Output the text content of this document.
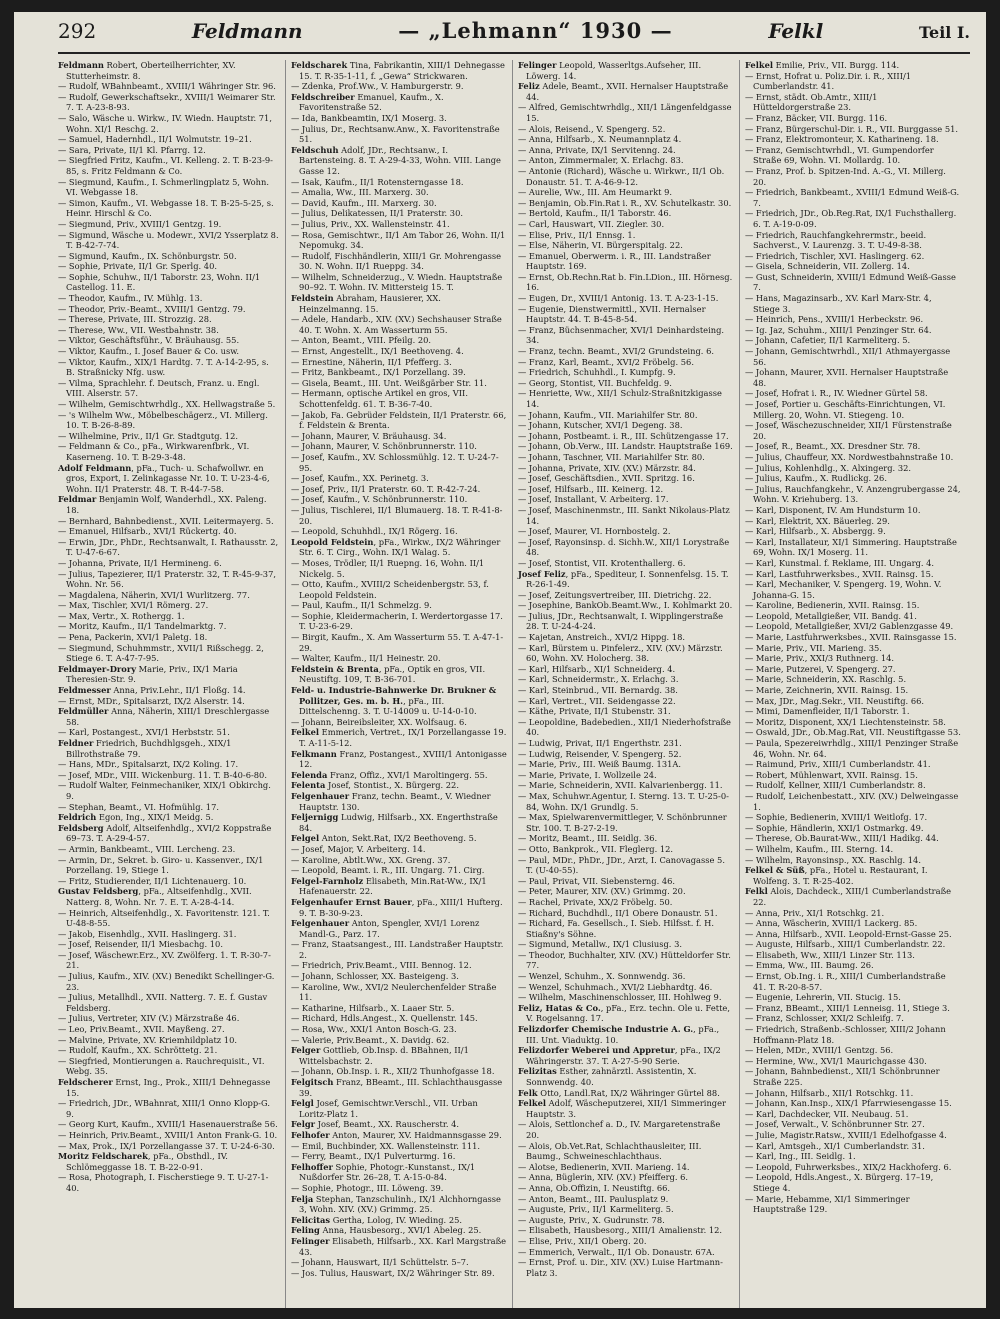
292	Feldmann	— „Lehmann“ 1930 —	Felkl	Teil I.

Feldmann Robert, Oberteilherrichter, XV. Stutterheimstr. 8.

— Rudolf, WBahnbeamt., XVIII/1 Währinger Str. 96.

— Rudolf, Gewerkschaftsekr., XVIII/1 Weimarer Str. 7. T. A-23-8-93.

— Salo, Wäsche u. Wirkw., IV. Wiedn. Hauptstr. 71, Wohn. XI/1 Reschg. 2.

— Samuel, Hadernhdl., II/1 Wolmutstr. 19–21.

— Sara, Private, II/1 Kl. Pfarrg. 12.

— Siegfried Fritz, Kaufm., VI. Kelleng. 2. T. B-23-9-85, s. Fritz Feldmann & Co.

— Siegmund, Kaufm., I. Schmerlingplatz 5, Wohn. VI. Webgasse 18.

— Simon, Kaufm., VI. Webgasse 18. T. B-25-5-25, s. Heinr. Hirschl & Co.

— Siegmund, Priv., XVIII/1 Gentzg. 19.

— Sigmund, Wäsche u. Modewr., XVI/2 Ysserplatz 8. T. B-42-7-74.

— Sigmund, Kaufm., IX. Schönburgstr. 50.

— Sophie, Private, II/1 Gr. Sperlg. 40.

— Sophie, Schuhw., II/1 Taborstr. 23, Wohn. II/1 Castellog. 11. E.

— Theodor, Kaufm., IV. Mühlg. 13.

— Theodor, Priv.-Beamt., XVIII/1 Gentzg. 79.

— Therese, Private, III. Strozzig. 28.

— Therese, Ww., VII. Westbahnstr. 38.

— Viktor, Geschäftsführ., V. Bräuhausg. 55.

— Viktor, Kaufm., I. Josef Bauer & Co. usw.

— Viktor, Kaufm., XIX/1 Hardtg. 7. T. A-14-2-95, s. B. Straßnicky Nfg. usw.

— Vilma, Sprachlehr. f. Deutsch, Franz. u. Engl. VIII. Alserstr. 57.

— Wilhelm, Gemischtwrhdlg., XX. Hellwagstraße 5.

— 's Wilhelm Ww., Möbelbeschägerz., VI. Millerg. 10. T. B-26-8-89.

— Wilhelmine, Priv., II/1 Gr. Stadtgutg. 12.

— Feldmann & Co., pFa., Wirkwarenfbrk., VI. Kaserneng. 10. T. B-29-3-48.

Adolf Feldmann, pFa., Tuch- u. Schafwollwr. en gros, Export, I. Zelinkagasse Nr. 10. T. U-23-4-6, Wohn. II/1 Praterstr. 48. T. R-44-7-58.

Feldmar Benjamin Wolf, Wanderhdl., XX. Paleng. 18.

— Bernhard, Bahnbedienst., XVII. Leitermayerg. 5.

— Emanuel, Hilfsarb., XVI/1 Rückertg. 40.

— Erwin, JDr., PhDr., Rechtsanwalt, I. Rathausstr. 2, T. U-47-6-67.

— Johanna, Private, II/1 Hermineng. 6.

— Julius, Tapezierer, II/1 Praterstr. 32, T. R-45-9-37, Wohn. Nr. 56.

— Magdalena, Näherin, XVI/1 Wurlitzerg. 77.

— Max, Tischler, XVI/1 Römerg. 27.

— Max, Vertr., X. Rothergg. 1.

— Moritz, Kaufm., II/1 Tandelmarktg. 7.

— Pena, Packerin, XVI/1 Paletg. 18.

— Siegmund, Schuhmmstr., XVII/1 Rißschegg. 2, Stiege 6. T. A-47-7-95.

Feldmayer-Drory Marie, Priv., IX/1 Maria Theresien-Str. 9.

Feldmesser Anna, Priv.Lehr., II/1 Floßg. 14.

— Ernst, MDr., Spitalsarzt, IX/2 Alserstr. 14.

Feldmüller Anna, Näherin, XIII/1 Dreschlergasse 58.

— Karl, Postangest., XVI/1 Herbststr. 51.

Feldner Friedrich, Buchdhlgsgeh., XIX/1 Billrothstraße 79.

— Hans, MDr., Spitalsarzt, IX/2 Koling. 17.

— Josef, MDr., VIII. Wickenburg. 11. T. B-40-6-80.

— Rudolf Walter, Feinmechaniker, XIX/1 Obkirchg. 9.

— Stephan, Beamt., VI. Hofmühlg. 17.

Feldrich Egon, Ing., XIX/1 Meidg. 5.

Feldsberg Adolf, Altseifenhdlg., XVI/2 Koppstraße 69–73. T. A-29-4-57.

— Armin, Bankbeamt., VIII. Lercheng. 23.

— Armin, Dr., Sekret. b. Giro- u. Kassenver., IX/1 Porzellang. 19, Stiege 1.

— Fritz, Studierender, II/1 Lichtenauerg. 10.

Gustav Feldsberg, pFa., Altseifenhdlg., XVII. Natterg. 8, Wohn. Nr. 7. E. T. A-28-4-14.

— Heinrich, Altseifenhdlg., X. Favoritenstr. 121. T. U-48-8-55.

— Jakob, Eisenhdlg., XVII. Haslingerg. 31.

— Josef, Reisender, II/1 Miesbachg. 10.

— Josef, Wäschewr.Erz., XV. Zwölferg. 1. T. R-30-7-21.

— Julius, Kaufm., XIV. (XV.) Benedikt Schellinger-G. 23.

— Julius, Metallhdl., XVII. Natterg. 7. E. f. Gustav Feldsberg.

— Julius, Vertreter, XIV (V.) Märzstraße 46.

— Leo, Priv.Beamt., XVII. Mayßeng. 27.

— Malvine, Private, XV. Kriemhildplatz 10.

— Rudolf, Kaufm., XX. Schröttetg. 21.

— Siegfried, Montierungen a. Rauchrequisit., VI. Webg. 35.

Feldscherer Ernst, Ing., Prok., XIII/1 Dehnegasse 15.

— Friedrich, JDr., WBahnrat, XIII/1 Onno Klopp-G. 9.

— Georg Kurt, Kaufm., XVIII/1 Hasenauerstraße 56.

— Heinrich, Priv.Beamt., XVIII/1 Anton Frank-G. 10.

— Max, Prok., IX/1 Porzellangasse 37. T. U-24-6-30.

Moritz Feldscharek, pFa., Obsthdl., IV. Schlömeggasse 18. T. B-22-0-91.

— Rosa, Photograph, I. Fischerstiege 9. T. U-27-1-40.

Feldscharek Tina, Fabrikantin, XIII/1 Dehnegasse 15. T. R-35-1-11, f. „Gewa“ Strickwaren.

— Zdenka, Prof.Ww., V. Hamburgerstr. 9.

Feldschreiber Emanuel, Kaufm., X. Favoritenstraße 52.

— Ida, Bankbeamtin, IX/1 Moserg. 3.

— Julius, Dr., Rechtsanw.Anw., X. Favoritenstraße 51.

Feldschuh Adolf, JDr., Rechtsanw., I. Bartensteing. 8. T. A-29-4-33, Wohn. VIII. Lange Gasse 12.

— Isak, Kaufm., II/1 Rotensterngasse 18.

— Amalia, Ww., III. Marxerg. 30.

— David, Kaufm., III. Marxerg. 30.

— Julius, Delikatessen, II/1 Praterstr. 30.

— Julius, Priv., XX. Wallensteinstr. 41.

— Rosa, Gemischtwr., II/1 Am Tabor 26, Wohn. II/1 Nepomukg. 34.

— Rudolf, Fischhändlerin, XIII/1 Gr. Mohrengasse 30. N. Wohn. II/1 Rueppg. 34.

— Wilhelm, Schneiderzug., V. Wiedn. Hauptstraße 90–92. T. Wohn. IV. Mittersteig 15. T.

Feldstein Abraham, Hausierer, XX. Heinzelmanng. 15.

— Adele, Handarb., XIV. (XV.) Sechshauser Straße 40. T. Wohn. X. Am Wasserturm 55.

— Anton, Beamt., VIII. Pfeilg. 20.

— Ernst, Angestellt., IX/1 Beethoveng. 4.

— Ernestine, Näherin, II/1 Pfefferg. 3.

— Fritz, Bankbeamt., IX/1 Porzellang. 39.

— Gisela, Beamt., III. Unt. Weißgärber Str. 11.

— Hermann, optische Artikel en gros, VII. Schottenfeldg. 61. T. B-36-7-40.

— Jakob, Fa. Gebrüder Feldstein, II/1 Praterstr. 66, f. Feldstein & Brenta.

— Johann, Maurer, V. Bräuhausg. 34.

— Johann, Maurer, V. Schönbrunnerstr. 110.

— Josef, Kaufm., XV. Schlossmühlg. 12. T. U-24-7-95.

— Josef, Kaufm., XX. Perinetg. 3.

— Josef, Priv., II/1 Praterstr. 60. T. R-42-7-24.

— Josef, Kaufm., V. Schönbrunnerstr. 110.

— Julius, Tischlerei, II/1 Blumauerg. 18. T. R-41-8-20.

— Leopold, Schuhhdl., IX/1 Rögerg. 16.

Leopold Feldstein, pFa., Wirkw., IX/2 Währinger Str. 6. T. Cirg., Wohn. IX/1 Walag. 5.

— Moses, Trödler, II/1 Ruepng. 16, Wohn. II/1 Nickelg. 5.

— Otto, Kaufm., XVIII/2 Scheidenbergstr. 53, f. Leopold Feldstein.

— Paul, Kaufm., II/1 Schmelzg. 9.

— Sophie, Kleidermacherin, I. Werdertorgasse 17. T. U-23-6-29.

— Birgit, Kaufm., X. Am Wasserturm 55. T. A-47-1-29.

— Walter, Kaufm., II/1 Heinestr. 20.

Feldstein & Brenta, pFa., Optik en gros, VII. Neustiftg. 109, T. B-36-701.

Feld- u. Industrie-Bahnwerke Dr. Brukner & Pollitzer, Ges. m. b. H., pFa., III. Dittelschenng. 3. T. U-14009 u. U-14-0-10.

— Johann, Beireibsleiter, XX. Wolfsaug. 6.

Felkel Emmerich, Vertret., IX/1 Porzellangasse 19. T. A-11-5-12.

Felkmann Franz, Postangest., XVIII/1 Antonigasse 12.

Felenda Franz, Offiz., XVI/1 Maroltingerg. 55.

Felenta Josef, Stontist., X. Bürgerg. 22.

Felgenhauer Franz, techn. Beamt., V. Wiedner Hauptstr. 130.

Feljernigg Ludwig, Hilfsarb., XX. Engerthstraße 84.

Felgel Anton, Sekt.Rat, IX/2 Beethoveng. 5.

— Josef, Major, V. Arbeiterg. 14.

— Karoline, Abtlt.Ww., XX. Greng. 37.

— Leopold, Beamt. i. R., III. Ungarg. 71. Cirg.

Felgel-Farnholz Elisabeth, Min.Rat-Ww., IX/1 Hafenauerstr. 22.

Felgenhaufer Ernst Bauer, pFa., XIII/1 Hufterg. 9. T. B-30-9-23.

Felgenhauer Anton, Spengler, XVI/1 Lorenz Mandl-G., Parz. 17.

— Franz, Staatsangest., III. Landstraßer Hauptstr. 2.

— Friedrich, Priv.Beamt., VIII. Bennog. 12.

— Johann, Schlosser, XX. Basteigeng. 3.

— Karoline, Ww., XVI/2 Neulerchenfelder Straße 11.

— Katharine, Hilfsarb., X. Laaer Str. 5.

— Richard, Hdls.Angest., X. Quellenstr. 145.

— Rosa, Ww., XXI/1 Anton Bosch-G. 23.

— Valerie, Priv.Beamt., X. Davidg. 62.

Felger Gottlieb, Ob.Insp. d. BBahnen, II/1 Wittelsbachstr. 2.

— Johann, Ob.Insp. i. R., XII/2 Thunhofgasse 18.

Felgitsch Franz, BBeamt., III. Schlachthausgasse 39.

Felgl Josef, Gemischtwr.Verschl., VII. Urban Loritz-Platz 1.

Felgr Josef, Beamt., XX. Rauscherstr. 4.

Felhofer Anton, Maurer, XV. Haidmannsgasse 29.

— Emil, Buchbinder, XX. Wallensteinstr. 111.

— Ferry, Beamt., IX/1 Pulverturmg. 16.

Felhoffer Sophie, Photogr.-Kunstanst., IX/1 Nußdorfer Str. 26–28, T. A-15-0-84.

— Sophie, Photogr., III. Löweng. 39.

Felja Stephan, Tanzschulinh., IX/1 Alchhorngasse 3, Wohn. XIV. (XV.) Grimmg. 25.

Felicitas Gertha, Lolog, IV. Wieding. 25.

Feling Anna, Hausbesorg., XVI/1 Abeleg. 25.

Felinger Elisabeth, Hilfsarb., XX. Karl Margstraße 43.

— Johann, Hauswart, II/1 Schüttelstr. 5–7.

— Jos. Tulius, Hauswart, IX/2 Währinger Str. 89.

Felinger Leopold, Wasserltgs.Aufseher, III. Löwerg. 14.

Feliz Adele, Beamt., XVII. Hernalser Hauptstraße 44.

— Alfred, Gemischtwrhdlg., XII/1 Längenfeldgasse 15.

— Alois, Reisend., V. Spengerg. 52.

— Anna, Hilfsarb., X. Neumannplatz 4.

— Anna, Private, IX/1 Servitenng. 24.

— Anton, Zimmermaler, X. Erlachg. 83.

— Antonie (Richard), Wäsche u. Wirkwr., II/1 Ob. Donaustr. 51. T. A-46-9-12.

— Aurelie, Ww., III. Am Heumarkt 9.

— Benjamin, Ob.Fin.Rat i. R., XV. Schutelkastr. 30.

— Bertold, Kaufm., II/1 Taborstr. 46.

— Carl, Hauswart, VII. Ziegler. 30.

— Elise, Priv., II/1 Ennsg. 1.

— Else, Näherin, VI. Bürgerspitalg. 22.

— Emanuel, Oberwerm. i. R., III. Landstraßer Hauptstr. 169.

— Ernst, Ob.Rechn.Rat b. Fin.LDion., III. Hörnesg. 16.

— Eugen, Dr., XVIII/1 Antonig. 13. T. A-23-1-15.

— Eugenie, Dienstwermittl., XVII. Hernalser Hauptstr. 44. T. B-45-8-54.

— Franz, Büchsenmacher, XVI/1 Deinhardsteing. 34.

— Franz, techn. Beamt., XVI/2 Grundsteing. 6.

— Franz, Karl, Beamt., XVI/2 Fröbelg. 56.

— Friedrich, Schuhhdl., I. Kumpfg. 9.

— Georg, Stontist, VII. Buchfeldg. 9.

— Henriette, Ww., XII/1 Schulz-Straßnitzkigasse 14.

— Johann, Kaufm., VII. Mariahilfer Str. 80.

— Johann, Kutscher, XVI/1 Degeng. 38.

— Johann, Postbeamt. i. R., III. Schützengasse 17.

— Johann, Ob.Verw., III. Landstr. Hauptstraße 169.

— Johann, Taschner, VII. Mariahilfer Str. 80.

— Johanna, Private, XIV. (XV.) Märzstr. 84.

— Josef, Geschäftsdien., XVII. Spritzg. 16.

— Josef, Hilfsarb., III. Keinerg. 12.

— Josef, Installant, V. Arbeiterg. 17.

— Josef, Maschinenmstr., III. Sankt Nikolaus-Platz 14.

— Josef, Maurer, VI. Hornbostelg. 2.

— Josef, Rayonsinsp. d. Sichh.W., XII/1 Lorystraße 48.

— Josef, Stontist, VII. Krotenthallerg. 6.

Josef Feliz, pFa., Spediteur, I. Sonnenfelsg. 15. T. R-26-1-49.

— Josef, Zeitungsvertreiber, III. Dietrichg. 22.

— Josephine, BankOb.Beamt.Ww., I. Kohlmarkt 20.

— Julius, JDr., Rechtsanwalt, I. Wipplingerstraße 28. T. U-24-4-24.

— Kajetan, Anstreich., XVI/2 Hippg. 18.

— Karl, Bürstem u. Pinfelerz., XIV. (XV.) Märzstr. 60, Wohn. XV. Holocherg. 38.

— Karl, Hilfsarb., XI/1 Schneiderg. 4.

— Karl, Schneidermstr., X. Erlachg. 3.

— Karl, Steinbrud., VII. Bernardg. 38.

— Karl, Vertret., VII. Seidengasse 22.

— Käthe, Private, II/1 Stubenstr. 31.

— Leopoldine, Badebedien., XII/1 Niederhofstraße 40.

— Ludwig, Privat, II/1 Engerthstr. 231.

— Ludwig, Reisender, V. Spengerg. 52.

— Marie, Priv., III. Weiß Baumg. 131A.

— Marie, Private, I. Wollzeile 24.

— Marie, Schneiderin, XVII. Kalvarienbergg. 11.

— Max, Schuhwr.Agentur, I. Sterng. 13. T. U-25-0-84, Wohn. IX/1 Grundlg. 5.

— Max, Spielwarenvermittleger, V. Schönbrunner Str. 100. T. B-27-2-19.

— Moritz, Beamt., III. Seidlg. 36.

— Otto, Bankprok., VII. Fleglerg. 12.

— Paul, MDr., PhDr., JDr., Arzt, I. Canovagasse 5. T. (U-40-55).

— Paul, Privat, VII. Siebensterng. 46.

— Peter, Maurer, XIV. (XV.) Grimmg. 20.

— Rachel, Private, XX/2 Fröbelg. 50.

— Richard, Buchdhdl., II/1 Obere Donaustr. 51.

— Richard, Fa. Gesellsch., I. Sieb. Hilfsst. f. H. Stiaßny's Söhne.

— Sigmund, Metallw., IX/1 Clusiusg. 3.

— Theodor, Buchhalter, XIV. (XV.) Hütteldorfer Str. 77.

— Wenzel, Schuhm., X. Sonnwendg. 36.

— Wenzel, Schuhmach., XVI/2 Liebhardtg. 46.

— Wilhelm, Maschinenschlosser, III. Hohlweg 9.

Feliz, Hatas & Co., pFa., Erz. techn. Ole u. Fette, V. Rogelsanng. 17.

Felizdorfer Chemische Industrie A. G., pFa., III. Unt. Viaduktg. 10.

Felizdorfer Weberei und Appretur, pFa., IX/2 Währingerstr. 37. T. A-27-5-90 Serie.

Felizitas Esther, zahnärztl. Assistentin, X. Sonnwendg. 40.

Felk Otto, Landl.Rat, IX/2 Währinger Gürtel 88.

Felkel Adolf, Wäscheputzerei, XII/1 Simmeringer Hauptstr. 3.

— Alois, Settlonchef a. D., IV. Margaretenstraße 20.

— Alois, Ob.Vet.Rat, Schlachthausleiter, III. Baumg., Schweineschlachthaus.

— Alotse, Bedienerin, XVII. Marieng. 14.

— Anna, Büglerin, XIV. (XV.) Pfeifferg. 6.

— Anna, Ob.Offizin, I. Neustiftg. 66.

— Anton, Beamt., III. Paulusplatz 9.

— Auguste, Priv., II/1 Karmeliterg. 5.

— Auguste, Priv., X. Gudrunstr. 78.

— Elisabeth, Hausbesorg., XIII/1 Amalienstr. 12.

— Elise, Priv., XII/1 Oberg. 20.

— Emmerich, Verwalt., II/1 Ob. Donaustr. 67A.

— Ernst, Prof. u. Dir., XIV. (XV.) Luise Hartmann-Platz 3.

Felkel Emilie, Priv., VII. Burgg. 114.

— Ernst, Hofrat u. Poliz.Dir. i. R., XIII/1 Cumberlandstr. 41.

— Ernst, städt. Ob.Amtr., XIII/1 Hütteldorgerstraße 23.

— Franz, Bäcker, VII. Burgg. 116.

— Franz, Bürgerschul-Dir. i. R., VII. Burggasse 51.

— Franz, Elektromonteur, X. Katharineng. 18.

— Franz, Gemischtwrhdl., VI. Gumpendorfer Straße 69, Wohn. VI. Mollardg. 10.

— Franz, Prof. b. Spitzen-Ind. A.-G., VI. Millerg. 20.

— Friedrich, Bankbeamt., XVIII/1 Edmund Weiß-G. 7.

— Friedrich, JDr., Ob.Reg.Rat, IX/1 Fuchsthallerg. 6. T. A-19-0-09.

— Friedrich, Rauchfangkehrermstr., beeid. Sachverst., V. Laurenzg. 3. T. U-49-8-38.

— Friedrich, Tischler, XVI. Haslingerg. 62.

— Gisela, Schneiderin, VII. Zollerg. 14.

— Gust, Schneiderin, XVIII/1 Edmund Weiß-Gasse 7.

— Hans, Magazinsarb., XV. Karl Marx-Str. 4, Stiege 3.

— Heinrich, Pens., XVIII/1 Herbeckstr. 96.

— Ig. Jaz, Schuhm., XIII/1 Penzinger Str. 64.

— Johann, Cafetier, II/1 Karmeliterg. 5.

— Johann, Gemischtwrhdl., XII/1 Athmayergasse 56.

— Johann, Maurer, XVII. Hernalser Hauptstraße 48.

— Josef, Hofrat i. R., IV. Wiedner Gürtel 58.

— Josef, Portier u. Geschäfts-Einrichtungen, VI. Millerg. 20, Wohn. VI. Stiegeng. 10.

— Josef, Wäschezuschneider, XII/1 Fürstenstraße 20.

— Josef, R., Beamt., XX. Dresdner Str. 78.

— Julius, Chauffeur, XX. Nordwestbahnstraße 10.

— Julius, Kohlenhdlg., X. Alxingerg. 32.

— Julius, Kaufm., X. Rudlickg. 26.

— Julius, Rauchfangkehr., V. Anzengrubergasse 24, Wohn. V. Kriehuberg. 13.

— Karl, Disponent, IV. Am Hundsturm 10.

— Karl, Elektrit, XX. Bäuerleg. 29.

— Karl, Hilfsarb., X. Absbergg. 9.

— Karl, Installateur, XI/1 Simmering. Hauptstraße 69, Wohn. IX/1 Moserg. 11.

— Karl, Kunstmal. f. Reklame, III. Ungarg. 4.

— Karl, Lastfuhrwerksbes., XVII. Rainsg. 15.

— Karl, Mechaniker, V. Spengerg. 19, Wohn. V. Johanna-G. 15.

— Karoline, Bedienerin, XVII. Rainsg. 15.

— Leopold, Metallgießer, VII. Bandg. 41.

— Leopold, Metallgießer, XVI/2 Gablenzgasse 49.

— Marie, Lastfuhrwerksbes., XVII. Rainsgasse 15.

— Marie, Priv., VII. Marieng. 35.

— Marie, Priv., XXI/3 Ruthnerg. 14.

— Marie, Putzerei, V. Spengerg. 27.

— Marie, Schneiderin, XX. Raschlg. 5.

— Marie, Zeichnerin, XVII. Rainsg. 15.

— Max, JDr., Mag.Sekr., VII. Neustiftg. 66.

— Mimi, Damenfleider, II/1 Taborstr. 1.

— Moritz, Disponent, XX/1 Liechtensteinstr. 58.

— Oswald, JDr., Ob.Mag.Rat, VII. Neustiftgasse 53.

— Paula, Spezereiwrhdlg., XIII/1 Penzinger Straße 46, Wohn. Nr. 64.

— Raimund, Priv., XIII/1 Cumberlandstr. 41.

— Robert, Mühlenwart, XVII. Rainsg. 15.

— Rudolf, Kellner, XIII/1 Cumberlandstr. 8.

— Rudolf, Leichenbestatt., XIV. (XV.) Delweingasse 1.

— Sophie, Bedienerin, XVIII/1 Weitlofg. 17.

— Sophie, Händlerin, XXI/1 Ostmarkg. 49.

— Therese, Ob.Baurat-Ww., XIII/1 Hadikg. 44.

— Wilhelm, Kaufm., III. Sterng. 14.

— Wilhelm, Rayonsinsp., XX. Raschlg. 14.

Felkel & Süß, pFa., Hotel u. Restaurant, I. Wolfeng. 3. T. R-25-402.

Felkl Alois, Dachdeck., XIII/1 Cumberlandstraße 22.

— Anna, Priv., XI/1 Rotschkg. 21.

— Anna, Wäscherin, XVIII/1 Lackerg. 85.

— Anna, Hilfsarb., XVII. Leopold-Ernst-Gasse 25.

— Auguste, Hilfsarb., XIII/1 Cumberlandstr. 22.

— Elisabeth, Ww., XIII/1 Linzer Str. 113.

— Emma, Ww., III. Baumg. 26.

— Ernst, Ob.Ing. i. R., XIII/1 Cumberlandstraße 41. T. R-20-8-57.

— Eugenie, Lehrerin, VII. Stucig. 15.

— Franz, BBeamt., XIII/1 Lenneisg. 11, Stiege 3.

— Franz, Schlosser, XXI/2 Schleifg. 7.

— Friedrich, Straßenb.-Schlosser, XIII/2 Johann Hoffmann-Platz 18.

— Helen, MDr., XVIII/1 Gentzg. 56.

— Hermine, Ww., XVI/1 Maurichgasse 430.

— Johann, Bahnbedienst., XII/1 Schönbrunner Straße 225.

— Johann, Hilfsarb., XII/1 Rotschkg. 11.

— Johann, Kan.Insp., XIX/1 Pfarrwiesengasse 15.

— Karl, Dachdecker, VII. Neubaug. 51.

— Josef, Verwalt., V. Schönbrunner Str. 27.

— Julie, Magistr.Ratsw., XVIII/1 Edelhofgasse 4.

— Karl, Amtsgeh., XI/1 Cumberlandstr. 31.

— Karl, Ing., III. Seidlg. 1.

— Leopold, Fuhrwerksbes., XIX/2 Hackhoferg. 6.

— Leopold, Hdls.Angest., X. Bürgerg. 17–19, Stiege 4.

— Marie, Hebamme, XI/1 Simmeringer Hauptstraße 129.
